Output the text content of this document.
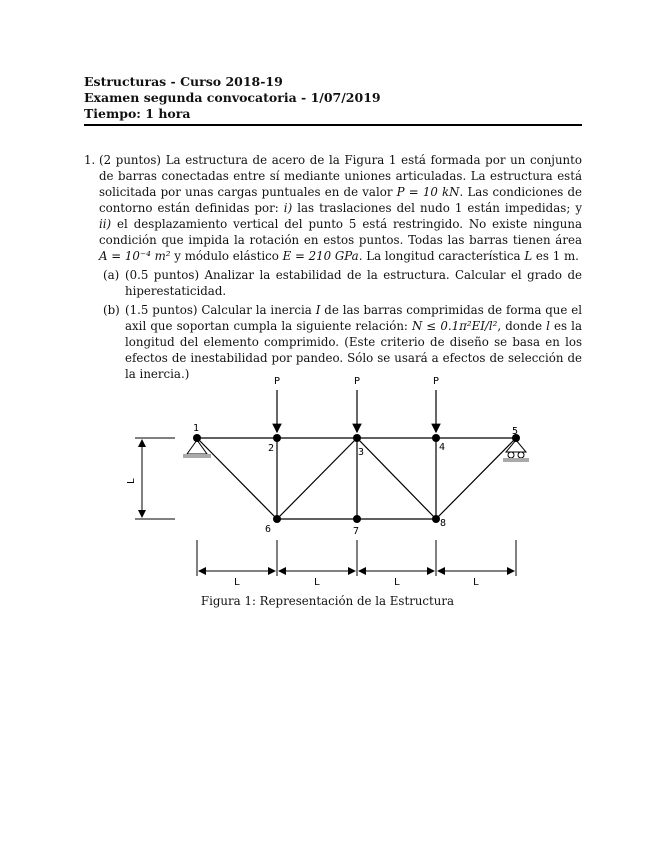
Estructuras - Curso 2018-19
Examen segunda convocatoria - 1/07/2019
Tiempo: 1 hora
1. (2 puntos) La estructura de acero de la Figura 1 está formada por un conjunto de barras conectadas entre sí mediante uniones articuladas. La estructura está solicitada por unas cargas puntuales en de valor P = 10 kN. Las condiciones de contorno están definidas por: i) las traslaciones del nudo 1 están impedidas; y ii) el desplazamiento vertical del punto 5 está restringido. No existe ninguna condición que impida la rotación en estos puntos. Todas las barras tienen área A = 10⁻⁴ m² y módulo elástico E = 210 GPa. La longitud característica L es 1 m.
(a) (0.5 puntos) Analizar la estabilidad de la estructura. Calcular el grado de hiperestaticidad.
(b) (1.5 puntos) Calcular la inercia I de las barras comprimidas de forma que el axil que soportan cumpla la siguiente relación: N ≤ 0.1π²EI/l², donde l es la longitud del elemento comprimido. (Este criterio de diseño se basa en los efectos de inestabilidad por pandeo. Sólo se usará a efectos de selección de la inercia.)
1
2	3	4
5
6	7
8
P	P	P
L
L	L	L	L
Figura 1: Representación de la Estructura
